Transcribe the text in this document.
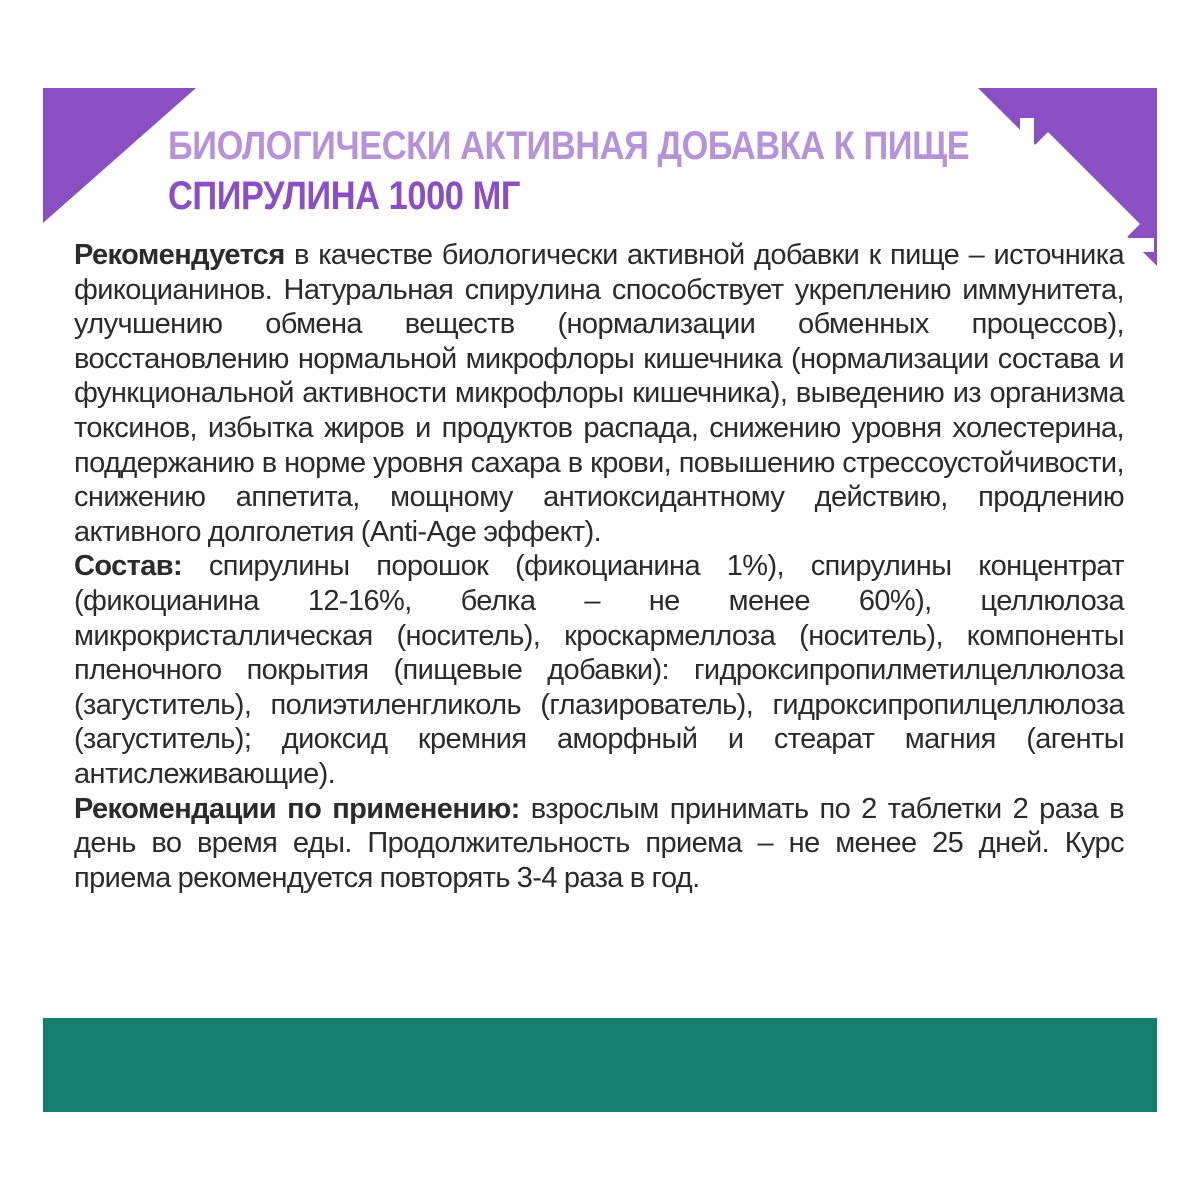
БИОЛОГИЧЕСКИ АКТИВНАЯ ДОБАВКА К ПИЩЕ
СПИРУЛИНА 1000 МГ

Рекомендуется в качестве биологически активной добавки к пище – источника фикоцианинов. Натуральная спирулина способствует укреплению иммунитета, улучшению обмена веществ (нормализации обменных процессов), восстановлению нормальной микрофлоры кишечника (нормализации состава и функциональной активности микрофлоры кишечника), выведению из организма токсинов, избытка жиров и продуктов распада, снижению уровня холестерина, поддержанию в норме уровня сахара в крови, повышению стрессоустойчивости, снижению аппетита, мощному антиоксидантному действию, продлению активного долголетия (Anti-Age эффект).

Состав: спирулины порошок (фикоцианина 1%), спирулины концентрат (фикоцианина 12-16%, белка – не менее 60%), целлюлоза микрокристаллическая (носитель), кроскармеллоза (носитель), компоненты пленочного покрытия (пищевые добавки): гидроксипропилметилцеллюлоза (загуститель), полиэтиленгликоль (глазирователь), гидроксипропилцеллюлоза (загуститель); диоксид кремния аморфный и стеарат магния (агенты антислеживающие).

Рекомендации по применению: взрослым принимать по 2 таблетки 2 раза в день во время еды. Продолжительность приема – не менее 25 дней. Курс приема рекомендуется повторять 3-4 раза в год.
